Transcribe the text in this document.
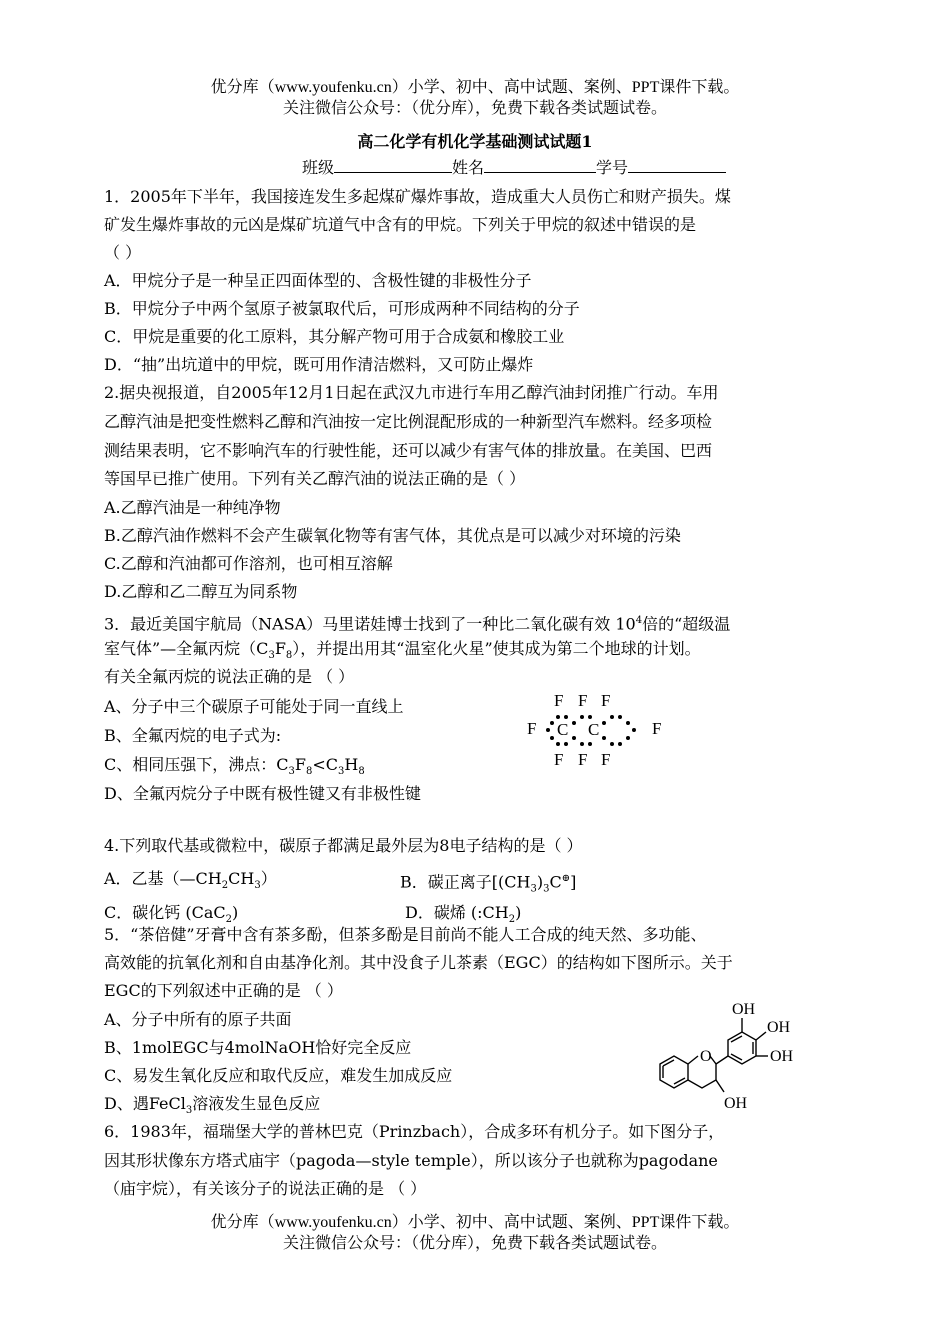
优分库（www.youfenku.cn）小学、初中、高中试题、案例、PPT课件下载。
关注微信公众号：（优分库），免费下载各类试题试卷。
高二化学有机化学基础测试试题1
班级	姓名	学号
1．2005年下半年，我国接连发生多起煤矿爆炸事故，造成重大人员伤亡和财产损失。煤
矿发生爆炸事故的元凶是煤矿坑道气中含有的甲烷。下列关于甲烷的叙述中错误的是
（ ）
A．甲烷分子是一种呈正四面体型的、含极性键的非极性分子
B．甲烷分子中两个氢原子被氯取代后，可形成两种不同结构的分子
C．甲烷是重要的化工原料，其分解产物可用于合成氨和橡胶工业
D．“抽”出坑道中的甲烷，既可用作清洁燃料，又可防止爆炸
2.据央视报道，自2005年12月1日起在武汉九市进行车用乙醇汽油封闭推广行动。车用
乙醇汽油是把变性燃料乙醇和汽油按一定比例混配形成的一种新型汽车燃料。经多项检
测结果表明，它不影响汽车的行驶性能，还可以减少有害气体的排放量。在美国、巴西
等国早已推广使用。下列有关乙醇汽油的说法正确的是（ ）
A.乙醇汽油是一种纯净物
B.乙醇汽油作燃料不会产生碳氧化物等有害气体，其优点是可以减少对环境的污染
C.乙醇和汽油都可作溶剂，也可相互溶解
D.乙醇和乙二醇互为同系物
3．最近美国宇航局（NASA）马里诺娃博士找到了一种比二氧化碳有效 $10^4$倍的“超级温
室气体”—全氟丙烷$(C_3F_8)$，并提出用其“温室化火星”使其成为第二个地球的计划。
有关全氟丙烷的说法正确的是 （ ）
A、分子中三个碳原子可能处于同一直线上
B、全氟丙烷的电子式为:
C、相同压强下，沸点：$C_3F_8<C_3H_8$
D、全氟丙烷分子中既有极性键又有非极性键
F F F
F C C	F
F F F
4.下列取代基或微粒中，碳原子都满足最外层为8电子结构的是（ ）
A．乙基$(—CH_2CH_3)$	B．碳正离子$[(CH_3)_3C^\oplus]$
C．碳化钙 (CaC$_2$)	D．碳烯 $(:CH_2)$
5．“茶倍健”牙膏中含有茶多酚，但茶多酚是目前尚不能人工合成的纯天然、多功能、
高效能的抗氧化剂和自由基净化剂。其中没食子儿茶素（EGC）的结构如下图所示。关于
EGC的下列叙述中正确的是 （ ）
A、分子中所有的原子共面
B、1molEGC与4molNaOH恰好完全反应
C、易发生氧化反应和取代反应，难发生加成反应
D、遇FeCl$_3$溶液发生显色反应
O
OH
OH
OH
OH
6．1983年，福瑞堡大学的普林巴克（Prinzbach），合成多环有机分子。如下图分子，
因其形状像东方塔式庙宇（pagoda—style temple），所以该分子也就称为pagodane
（庙宇烷），有关该分子的说法正确的是 （ ）
优分库（www.youfenku.cn）小学、初中、高中试题、案例、PPT课件下载。
关注微信公众号：（优分库），免费下载各类试题试卷。
